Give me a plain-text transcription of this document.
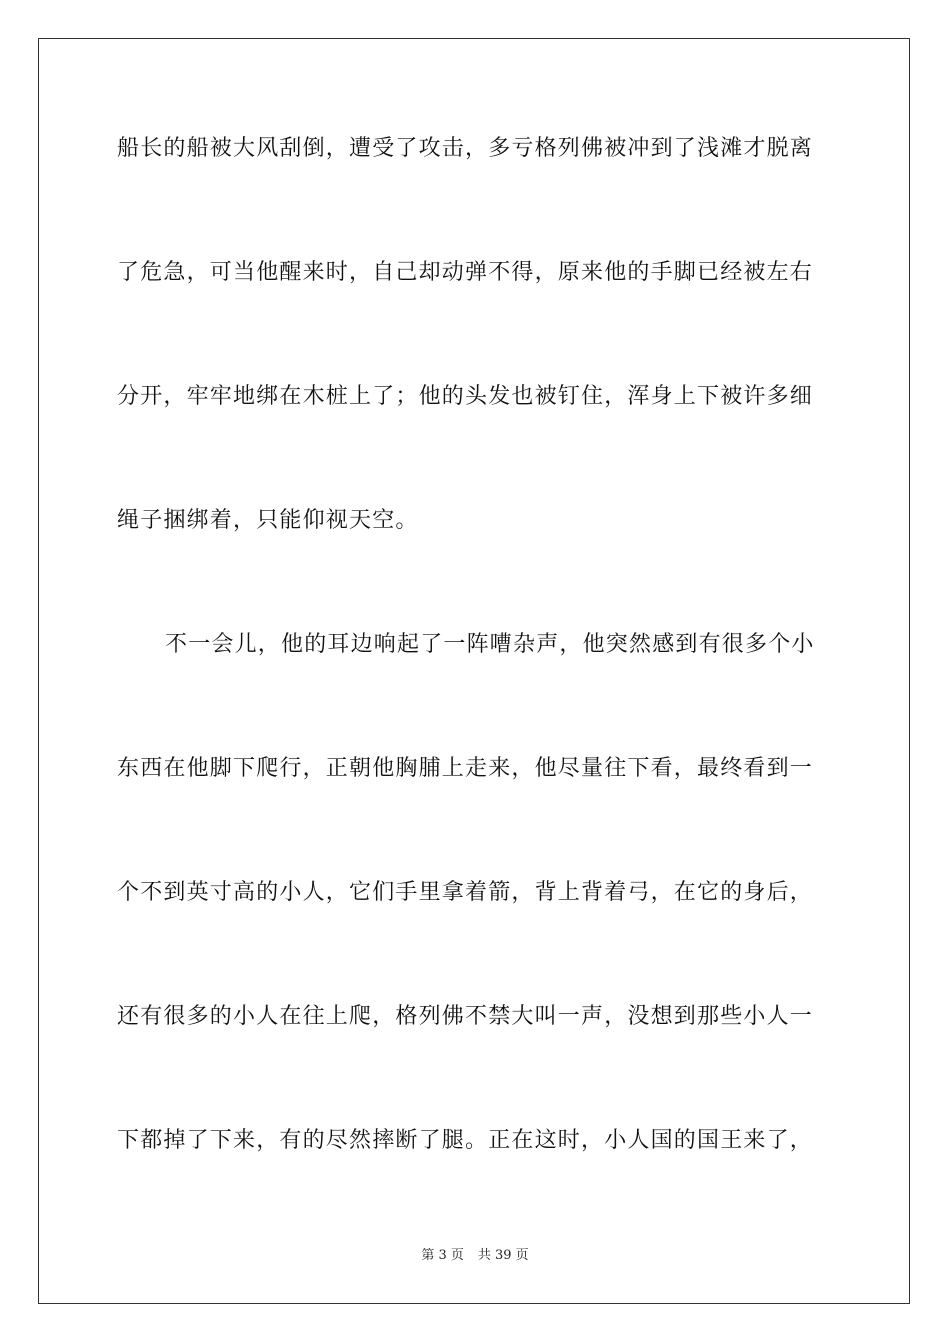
船长的船被大风刮倒，遭受了攻击，多亏格列佛被冲到了浅滩才脱离
了危急，可当他醒来时，自己却动弹不得，原来他的手脚已经被左右
分开，牢牢地绑在木桩上了；他的头发也被钉住，浑身上下被许多细
绳子捆绑着，只能仰视天空。
不一会儿，他的耳边响起了一阵嘈杂声，他突然感到有很多个小
东西在他脚下爬行，正朝他胸脯上走来，他尽量往下看，最终看到一
个不到英寸高的小人，它们手里拿着箭，背上背着弓，在它的身后，
还有很多的小人在往上爬，格列佛不禁大叫一声，没想到那些小人一
下都掉了下来，有的尽然摔断了腿。正在这时，小人国的国王来了，
第 3 页 共 39 页
